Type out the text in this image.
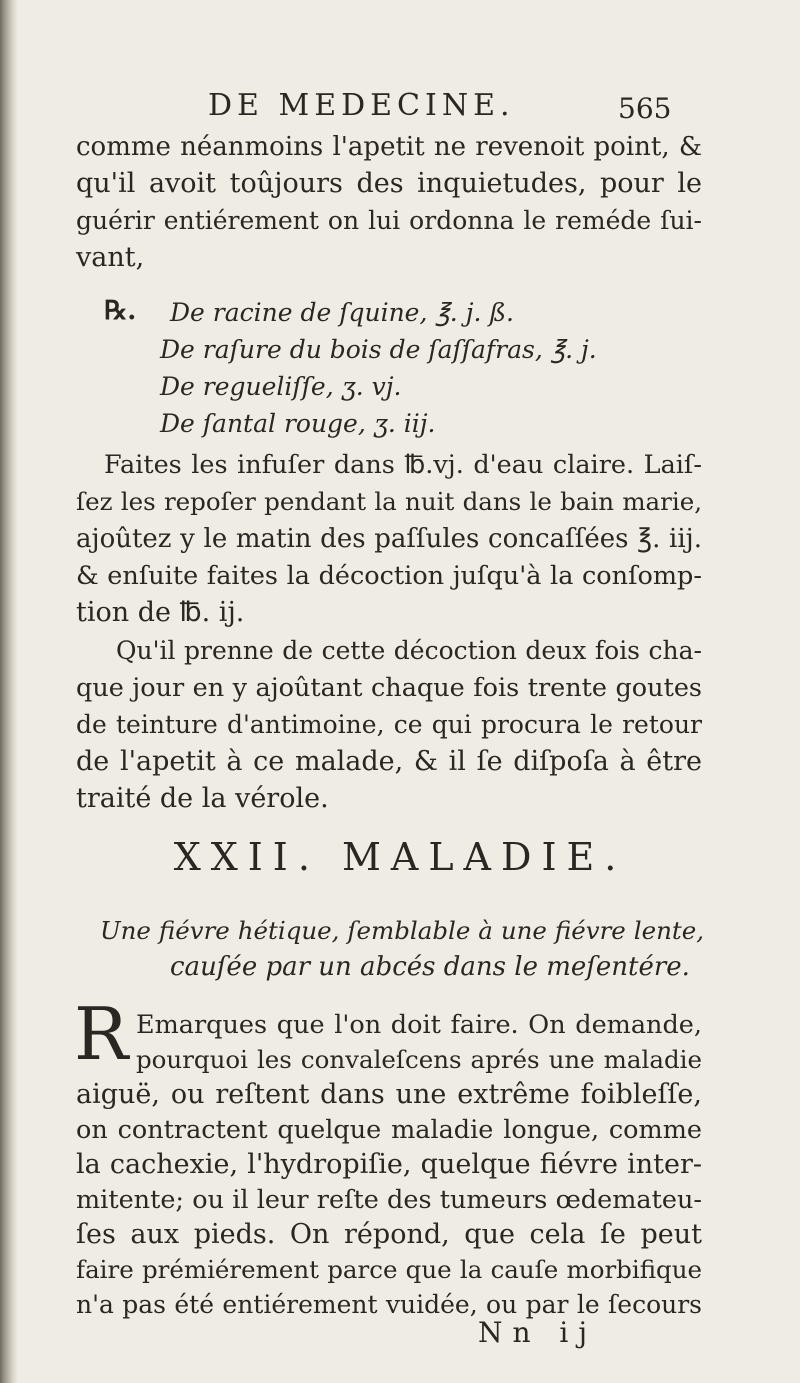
DE MEDECINE.	565
comme néanmoins l'apetit ne revenoit point, &
qu'il avoit toûjours des inquietudes, pour le
guérir entiérement on lui ordonna le reméde ſui-
vant,
℞. De racine de ſquine, ℥. j. ß.
De raſure du bois de ſaſſafras, ℥. j.
De regueliſſe, ʒ. vj.
De ſantal rouge, ʒ. iij.
Faites les infuſer dans ℔.vj. d'eau claire. Laiſ-
ſez les repoſer pendant la nuit dans le bain marie,
ajoûtez y le matin des paſſules concaſſées ℥. iij.
& enſuite faites la décoction juſqu'à la conſomp-
tion de ℔. ij.
Qu'il prenne de cette décoction deux fois cha-
que jour en y ajoûtant chaque fois trente goutes
de teinture d'antimoine, ce qui procura le retour
de l'apetit à ce malade, & il ſe diſpoſa à être
traité de la vérole.
XXII. MALADIE.
Une fiévre hétique, ſemblable à une fiévre lente,
cauſée par un abcés dans le meſentére.
R Emarques que l'on doit faire. On demande,
pourquoi les convaleſcens aprés une maladie
aiguë, ou reſtent dans une extrême foibleſſe,
on contractent quelque maladie longue, comme
la cachexie, l'hydropiſie, quelque fiévre inter-
mitente; ou il leur reſte des tumeurs œdemateu-
ſes aux pieds. On répond, que cela ſe peut
faire prémiérement parce que la cauſe morbifique
n'a pas été entiérement vuidée, ou par le ſecours
Nn ij
